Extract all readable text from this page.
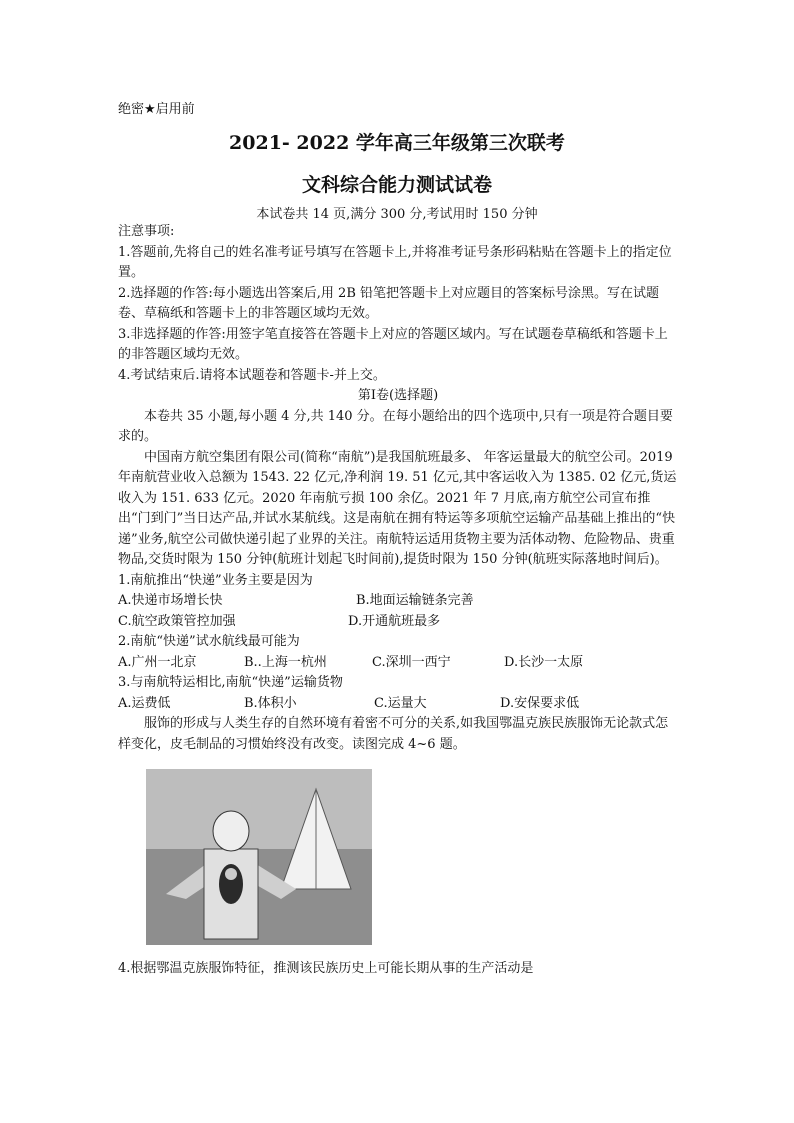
绝密★启用前
2021- 2022 学年高三年级第三次联考
文科综合能力测试试卷
本试卷共 14 页,满分 300 分,考试用时 150 分钟

注意事项:

1.答题前,先将自己的姓名准考证号填写在答题卡上,并将准考证号条形码粘贴在答题卡上的指定位置。

2.选择题的作答:每小题选出答案后,用 2B 铅笔把答题卡上对应题目的答案标号涂黑。写在试题卷、草稿纸和答题卡上的非答题区域均无效。

3.非选择题的作答:用签字笔直接答在答题卡上对应的答题区域内。写在试题卷草稿纸和答题卡上的非答题区域均无效。

4.考试结束后.请将本试题卷和答题卡-并上交。

第Ⅰ卷(选择题)

本卷共 35 小题,每小题 4 分,共 140 分。在每小题给出的四个选项中,只有一项是符合题目要求的。

中国南方航空集团有限公司(简称“南航”)是我国航班最多、 年客运量最大的航空公司。2019 年南航营业收入总额为 1543. 22 亿元,净利润 19. 51 亿元,其中客运收入为 1385. 02 亿元,货运收入为 151. 633 亿元。2020 年南航亏损 100 余亿。2021 年 7 月底,南方航空公司宣布推出“门到门”当日达产品,并试水某航线。这是南航在拥有特运等多项航空运输产品基础上推出的“快递”业务,航空公司做快递引起了业界的关注。南航特运适用货物主要为活体动物、危险物品、贵重物品,交货时限为 150 分钟(航班计划起飞时间前),提货时限为 150 分钟(航班实际落地时间后)。

1.南航推出“快递”业务主要是因为

A.快递市场增长快	B.地面运输链条完善
C.航空政策管控加强	D.开通航班最多

2.南航“快递”试水航线最可能为

A.广州一北京	B..上海一杭州	C.深圳一西宁	D.长沙一太原

3.与南航特运相比,南航“快递”运输货物

A.运费低	B.体积小	C.运量大	D.安保要求低

服饰的形成与人类生存的自然环境有着密不可分的关系,如我国鄂温克族民族服饰无论款式怎样变化，皮毛制品的习惯始终没有改变。读图完成 4~6 题。

4.根据鄂温克族服饰特征，推测该民族历史上可能长期从事的生产活动是
